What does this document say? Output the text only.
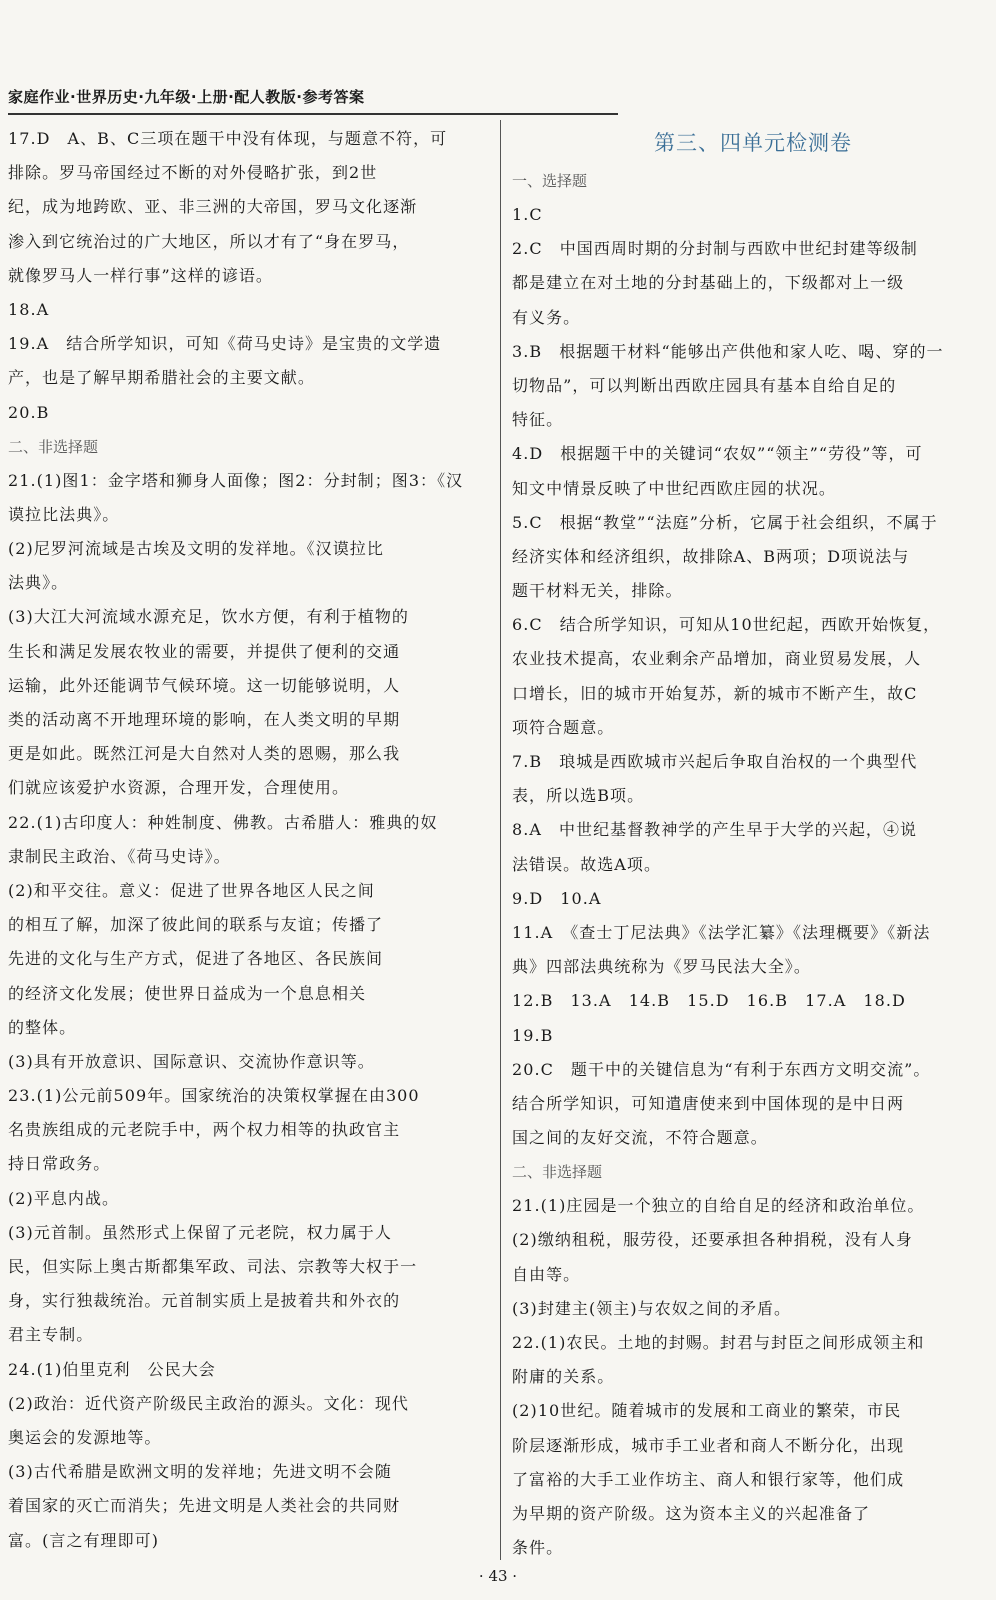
家庭作业·世界历史·九年级·上册·配人教版·参考答案
17.D　A、B、C三项在题干中没有体现，与题意不符，可
排除。罗马帝国经过不断的对外侵略扩张，到2世
纪，成为地跨欧、亚、非三洲的大帝国，罗马文化逐渐
渗入到它统治过的广大地区，所以才有了“身在罗马，
就像罗马人一样行事”这样的谚语。
18.A
19.A　结合所学知识，可知《荷马史诗》是宝贵的文学遗
产，也是了解早期希腊社会的主要文献。
20.B
二、非选择题
21.(1)图1：金字塔和狮身人面像；图2：分封制；图3：《汉
谟拉比法典》。
(2)尼罗河流域是古埃及文明的发祥地。《汉谟拉比
法典》。
(3)大江大河流域水源充足，饮水方便，有利于植物的
生长和满足发展农牧业的需要，并提供了便利的交通
运输，此外还能调节气候环境。这一切能够说明，人
类的活动离不开地理环境的影响，在人类文明的早期
更是如此。既然江河是大自然对人类的恩赐，那么我
们就应该爱护水资源，合理开发，合理使用。
22.(1)古印度人：种姓制度、佛教。古希腊人：雅典的奴
隶制民主政治、《荷马史诗》。
(2)和平交往。意义：促进了世界各地区人民之间
的相互了解，加深了彼此间的联系与友谊；传播了
先进的文化与生产方式，促进了各地区、各民族间
的经济文化发展；使世界日益成为一个息息相关
的整体。
(3)具有开放意识、国际意识、交流协作意识等。
23.(1)公元前509年。国家统治的决策权掌握在由300
名贵族组成的元老院手中，两个权力相等的执政官主
持日常政务。
(2)平息内战。
(3)元首制。虽然形式上保留了元老院，权力属于人
民，但实际上奥古斯都集军政、司法、宗教等大权于一
身，实行独裁统治。元首制实质上是披着共和外衣的
君主专制。
24.(1)伯里克利　公民大会
(2)政治：近代资产阶级民主政治的源头。文化：现代
奥运会的发源地等。
(3)古代希腊是欧洲文明的发祥地；先进文明不会随
着国家的灭亡而消失；先进文明是人类社会的共同财
富。(言之有理即可)
第三、四单元检测卷
一、选择题
1.C
2.C　中国西周时期的分封制与西欧中世纪封建等级制
都是建立在对土地的分封基础上的，下级都对上一级
有义务。
3.B　根据题干材料“能够出产供他和家人吃、喝、穿的一
切物品”，可以判断出西欧庄园具有基本自给自足的
特征。
4.D　根据题干中的关键词“农奴”“领主”“劳役”等，可
知文中情景反映了中世纪西欧庄园的状况。
5.C　根据“教堂”“法庭”分析，它属于社会组织，不属于
经济实体和经济组织，故排除A、B两项；D项说法与
题干材料无关，排除。
6.C　结合所学知识，可知从10世纪起，西欧开始恢复，
农业技术提高，农业剩余产品增加，商业贸易发展，人
口增长，旧的城市开始复苏，新的城市不断产生，故C
项符合题意。
7.B　琅城是西欧城市兴起后争取自治权的一个典型代
表，所以选B项。
8.A　中世纪基督教神学的产生早于大学的兴起，④说
法错误。故选A项。
9.D　10.A
11.A　《查士丁尼法典》《法学汇纂》《法理概要》《新法
典》四部法典统称为《罗马民法大全》。
12.B　13.A　14.B　15.D　16.B　17.A　18.D
19.B
20.C　题干中的关键信息为“有利于东西方文明交流”。
结合所学知识，可知遣唐使来到中国体现的是中日两
国之间的友好交流，不符合题意。
二、非选择题
21.(1)庄园是一个独立的自给自足的经济和政治单位。
(2)缴纳租税，服劳役，还要承担各种捐税，没有人身
自由等。
(3)封建主(领主)与农奴之间的矛盾。
22.(1)农民。土地的封赐。封君与封臣之间形成领主和
附庸的关系。
(2)10世纪。随着城市的发展和工商业的繁荣，市民
阶层逐渐形成，城市手工业者和商人不断分化，出现
了富裕的大手工业作坊主、商人和银行家等，他们成
为早期的资产阶级。这为资本主义的兴起准备了
条件。
· 43 ·
